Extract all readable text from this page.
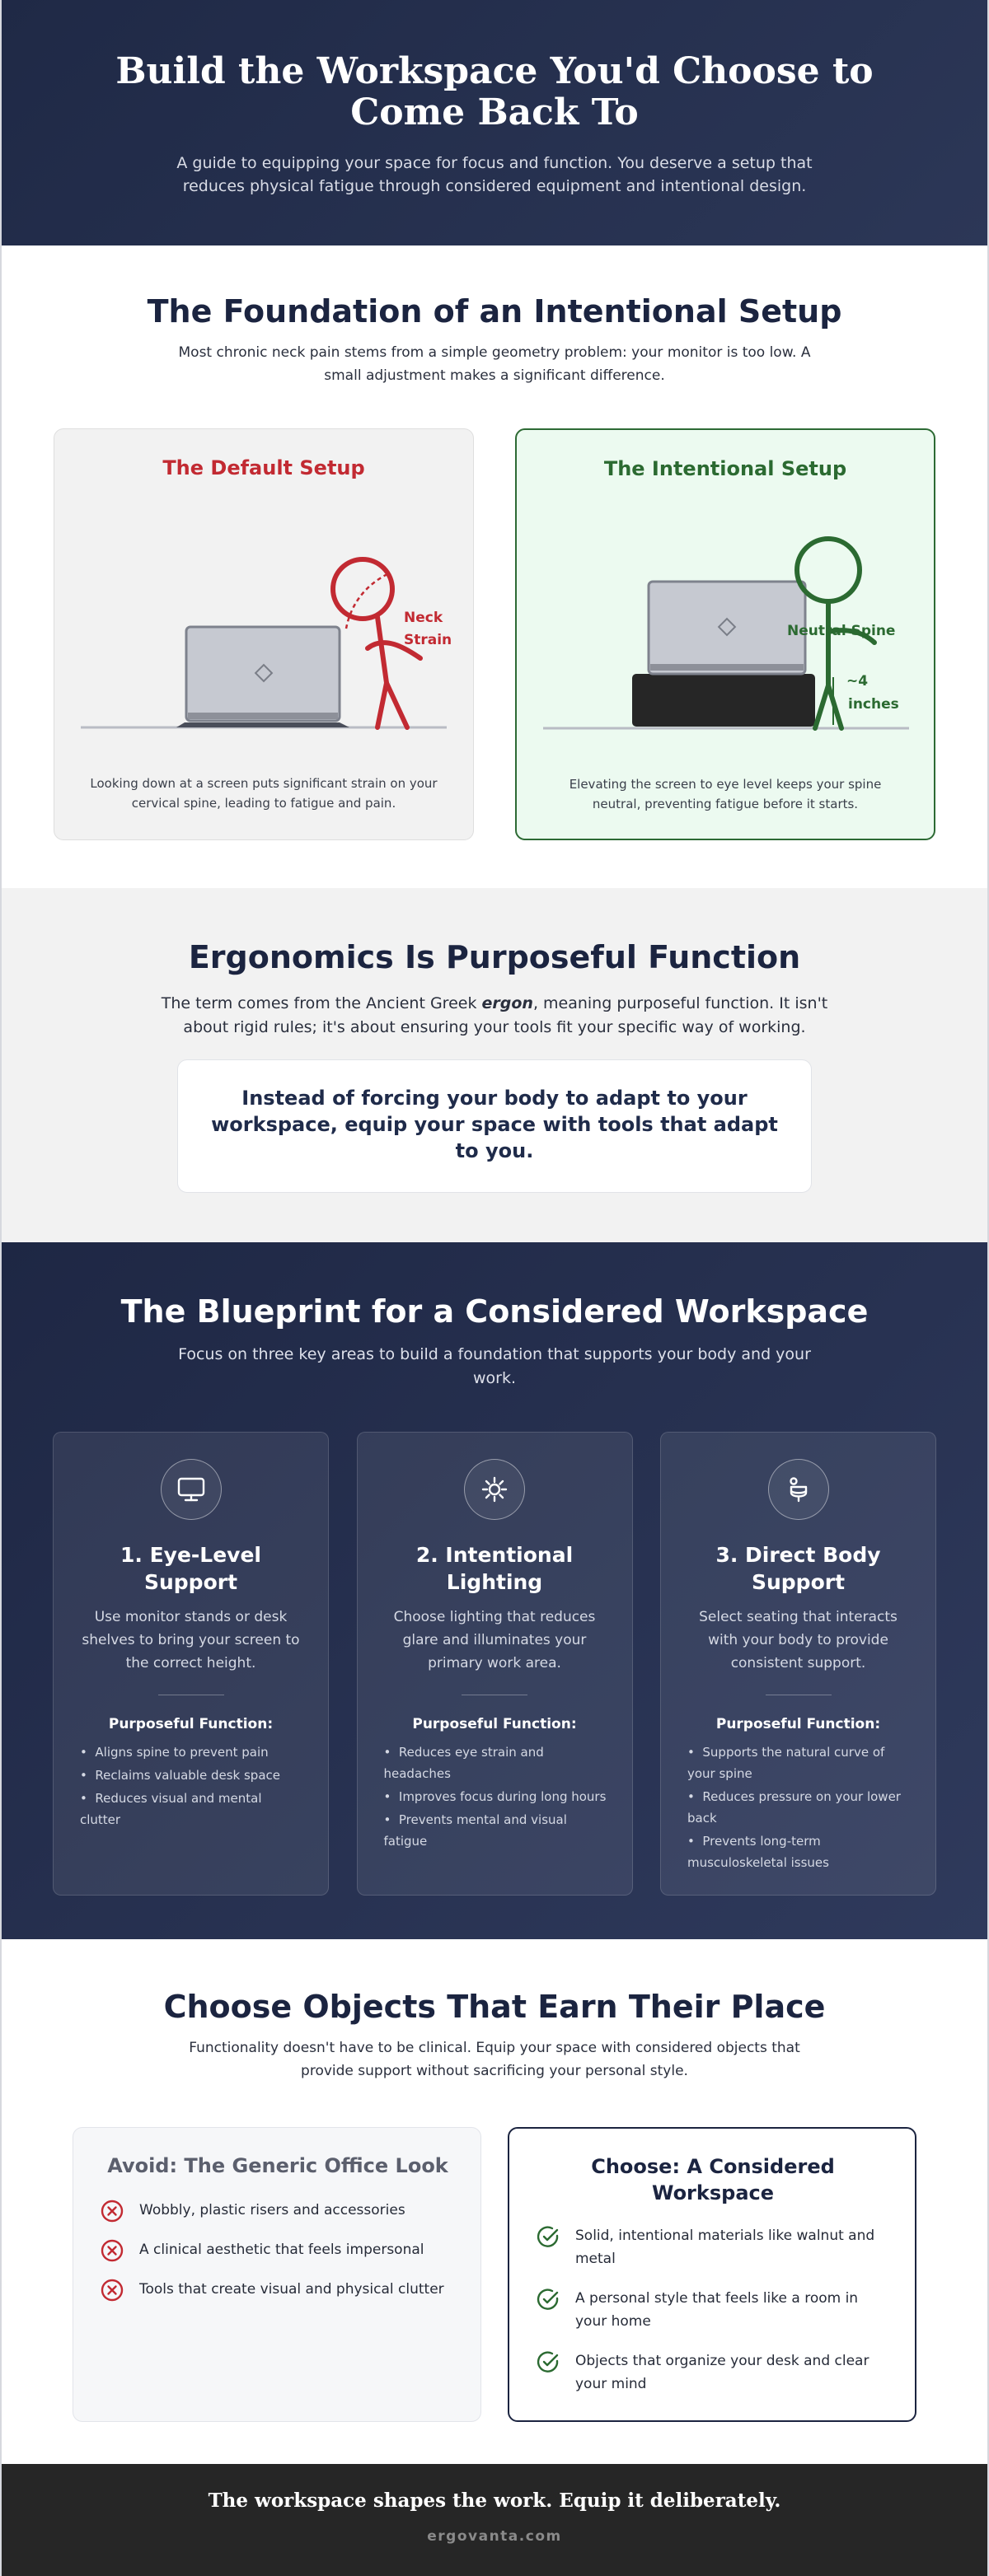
Build the Workspace You'd Choose to Come Back To

A guide to equipping your space for focus and function. You deserve a setup that reduces physical fatigue through considered equipment and intentional design.

The Foundation of an Intentional Setup

Most chronic neck pain stems from a simple geometry problem: your monitor is too low. A small adjustment makes a significant difference.

The Default Setup
Neck
Strain

Looking down at a screen puts significant strain on your cervical spine, leading to fatigue and pain.

The Intentional Setup
Neutral Spine
~4
inches

Elevating the screen to eye level keeps your spine neutral, preventing fatigue before it starts.

Ergonomics Is Purposeful Function

The term comes from the Ancient Greek ergon, meaning purposeful function. It isn't about rigid rules; it's about ensuring your tools fit your specific way of working.

Instead of forcing your body to adapt to your workspace, equip your space with tools that adapt to you.

The Blueprint for a Considered Workspace

Focus on three key areas to build a foundation that supports your body and your work.

1. Eye-Level Support

Use monitor stands or desk shelves to bring your screen to the correct height.

Purposeful Function:
•  Aligns spine to prevent pain
•  Reclaims valuable desk space
•  Reduces visual and mental clutter
2. Intentional Lighting

Choose lighting that reduces glare and illuminates your primary work area.

Purposeful Function:
•  Reduces eye strain and headaches
•  Improves focus during long hours
•  Prevents mental and visual fatigue
3. Direct Body Support

Select seating that interacts with your body to provide consistent support.

Purposeful Function:
•  Supports the natural curve of your spine
•  Reduces pressure on your lower back
•  Prevents long-term musculoskeletal issues
Choose Objects That Earn Their Place

Functionality doesn't have to be clinical. Equip your space with considered objects that provide support without sacrificing your personal style.

Avoid: The Generic Office Look
Wobbly, plastic risers and accessories
A clinical aesthetic that feels impersonal
Tools that create visual and physical clutter
Choose: A Considered Workspace
Solid, intentional materials like walnut and metal
A personal style that feels like a room in your home
Objects that organize your desk and clear your mind

The workspace shapes the work. Equip it deliberately.

ergovanta.com
